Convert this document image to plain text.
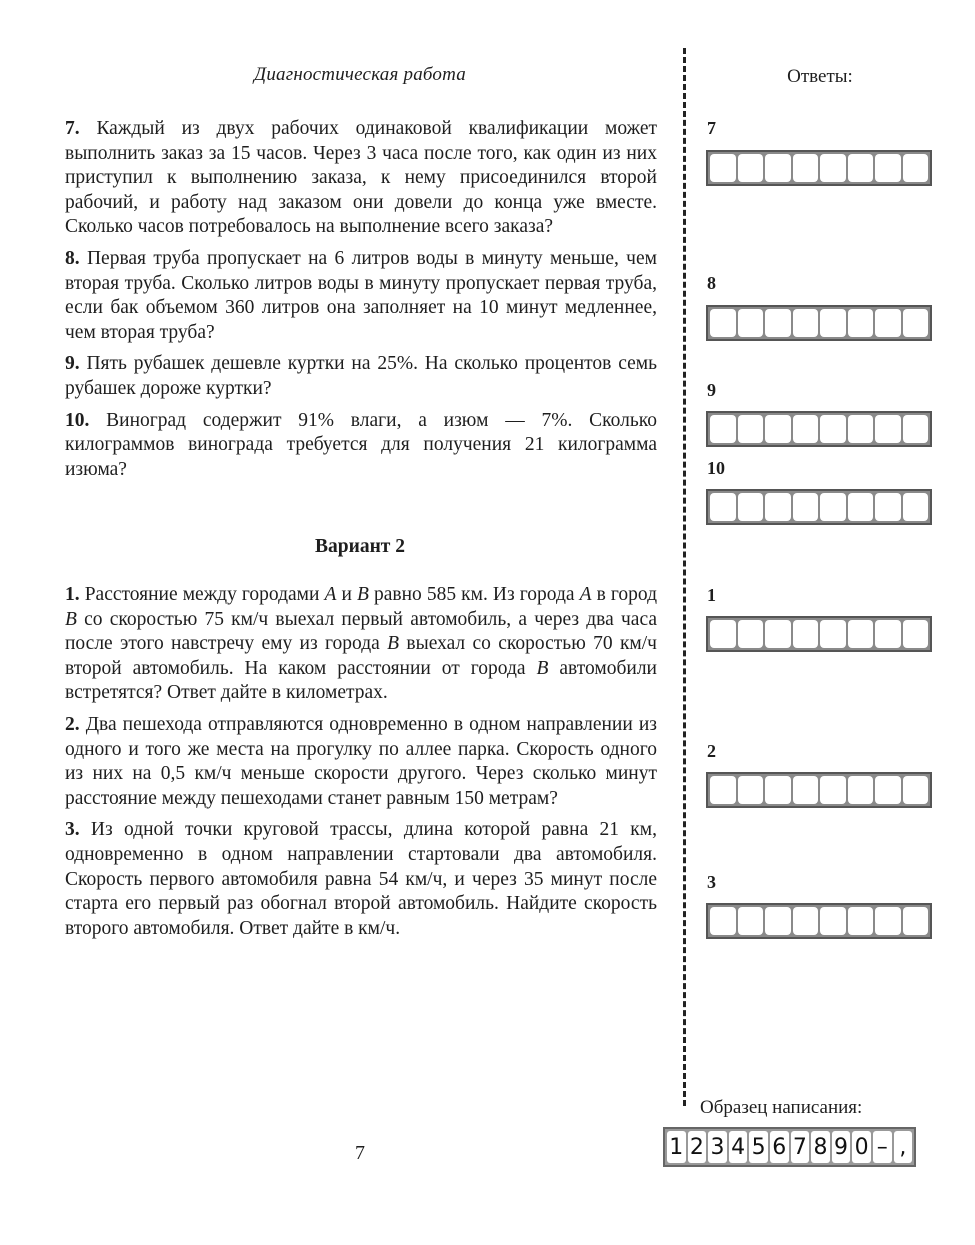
Диагностическая работа	Ответы:

7. Каждый из двух рабочих одинаковой квалификации может выполнить заказ за 15 часов. Через 3 часа после того, как один из них приступил к выполнению заказа, к нему присоединился второй рабочий, и работу над заказом они довели до конца уже вместе. Сколько часов потребовалось на выполнение всего заказа?

8. Первая труба пропускает на 6 литров воды в минуту меньше, чем вторая труба. Сколько литров воды в минуту пропускает первая труба, если бак объемом 360 литров она заполняет на 10 минут медленнее, чем вторая труба?

9. Пять рубашек дешевле куртки на 25%. На сколько процентов семь рубашек дороже куртки?

10. Виноград содержит 91% влаги, а изюм — 7%. Сколько килограммов винограда требуется для получения 21 килограмма изюма?

Вариант 2

1. Расстояние между городами A и B равно 585 км. Из города A в город B со скоростью 75 км/ч выехал первый автомобиль, а через два часа после этого навстречу ему из города B выехал со скоростью 70 км/ч второй автомобиль. На каком расстоянии от города B автомобили встретятся? Ответ дайте в километрах.

2. Два пешехода отправляются одновременно в одном направлении из одного и того же места на прогулку по аллее парка. Скорость одного из них на 0,5 км/ч меньше скорости другого. Через сколько минут расстояние между пешеходами станет равным 150 метрам?

3. Из одной точки круговой трассы, длина которой равна 21 км, одновременно в одном направлении стартовали два автомобиля. Скорость первого автомобиля равна 54 км/ч, и через 35 минут после старта его первый раз обогнал второй автомобиль. Найдите скорость второго автомобиля. Ответ дайте в км/ч.

7
8
9
10
1
2
3
Образец написания:
1 2 3 4 5 6 7 8 9 0 – ,
7
